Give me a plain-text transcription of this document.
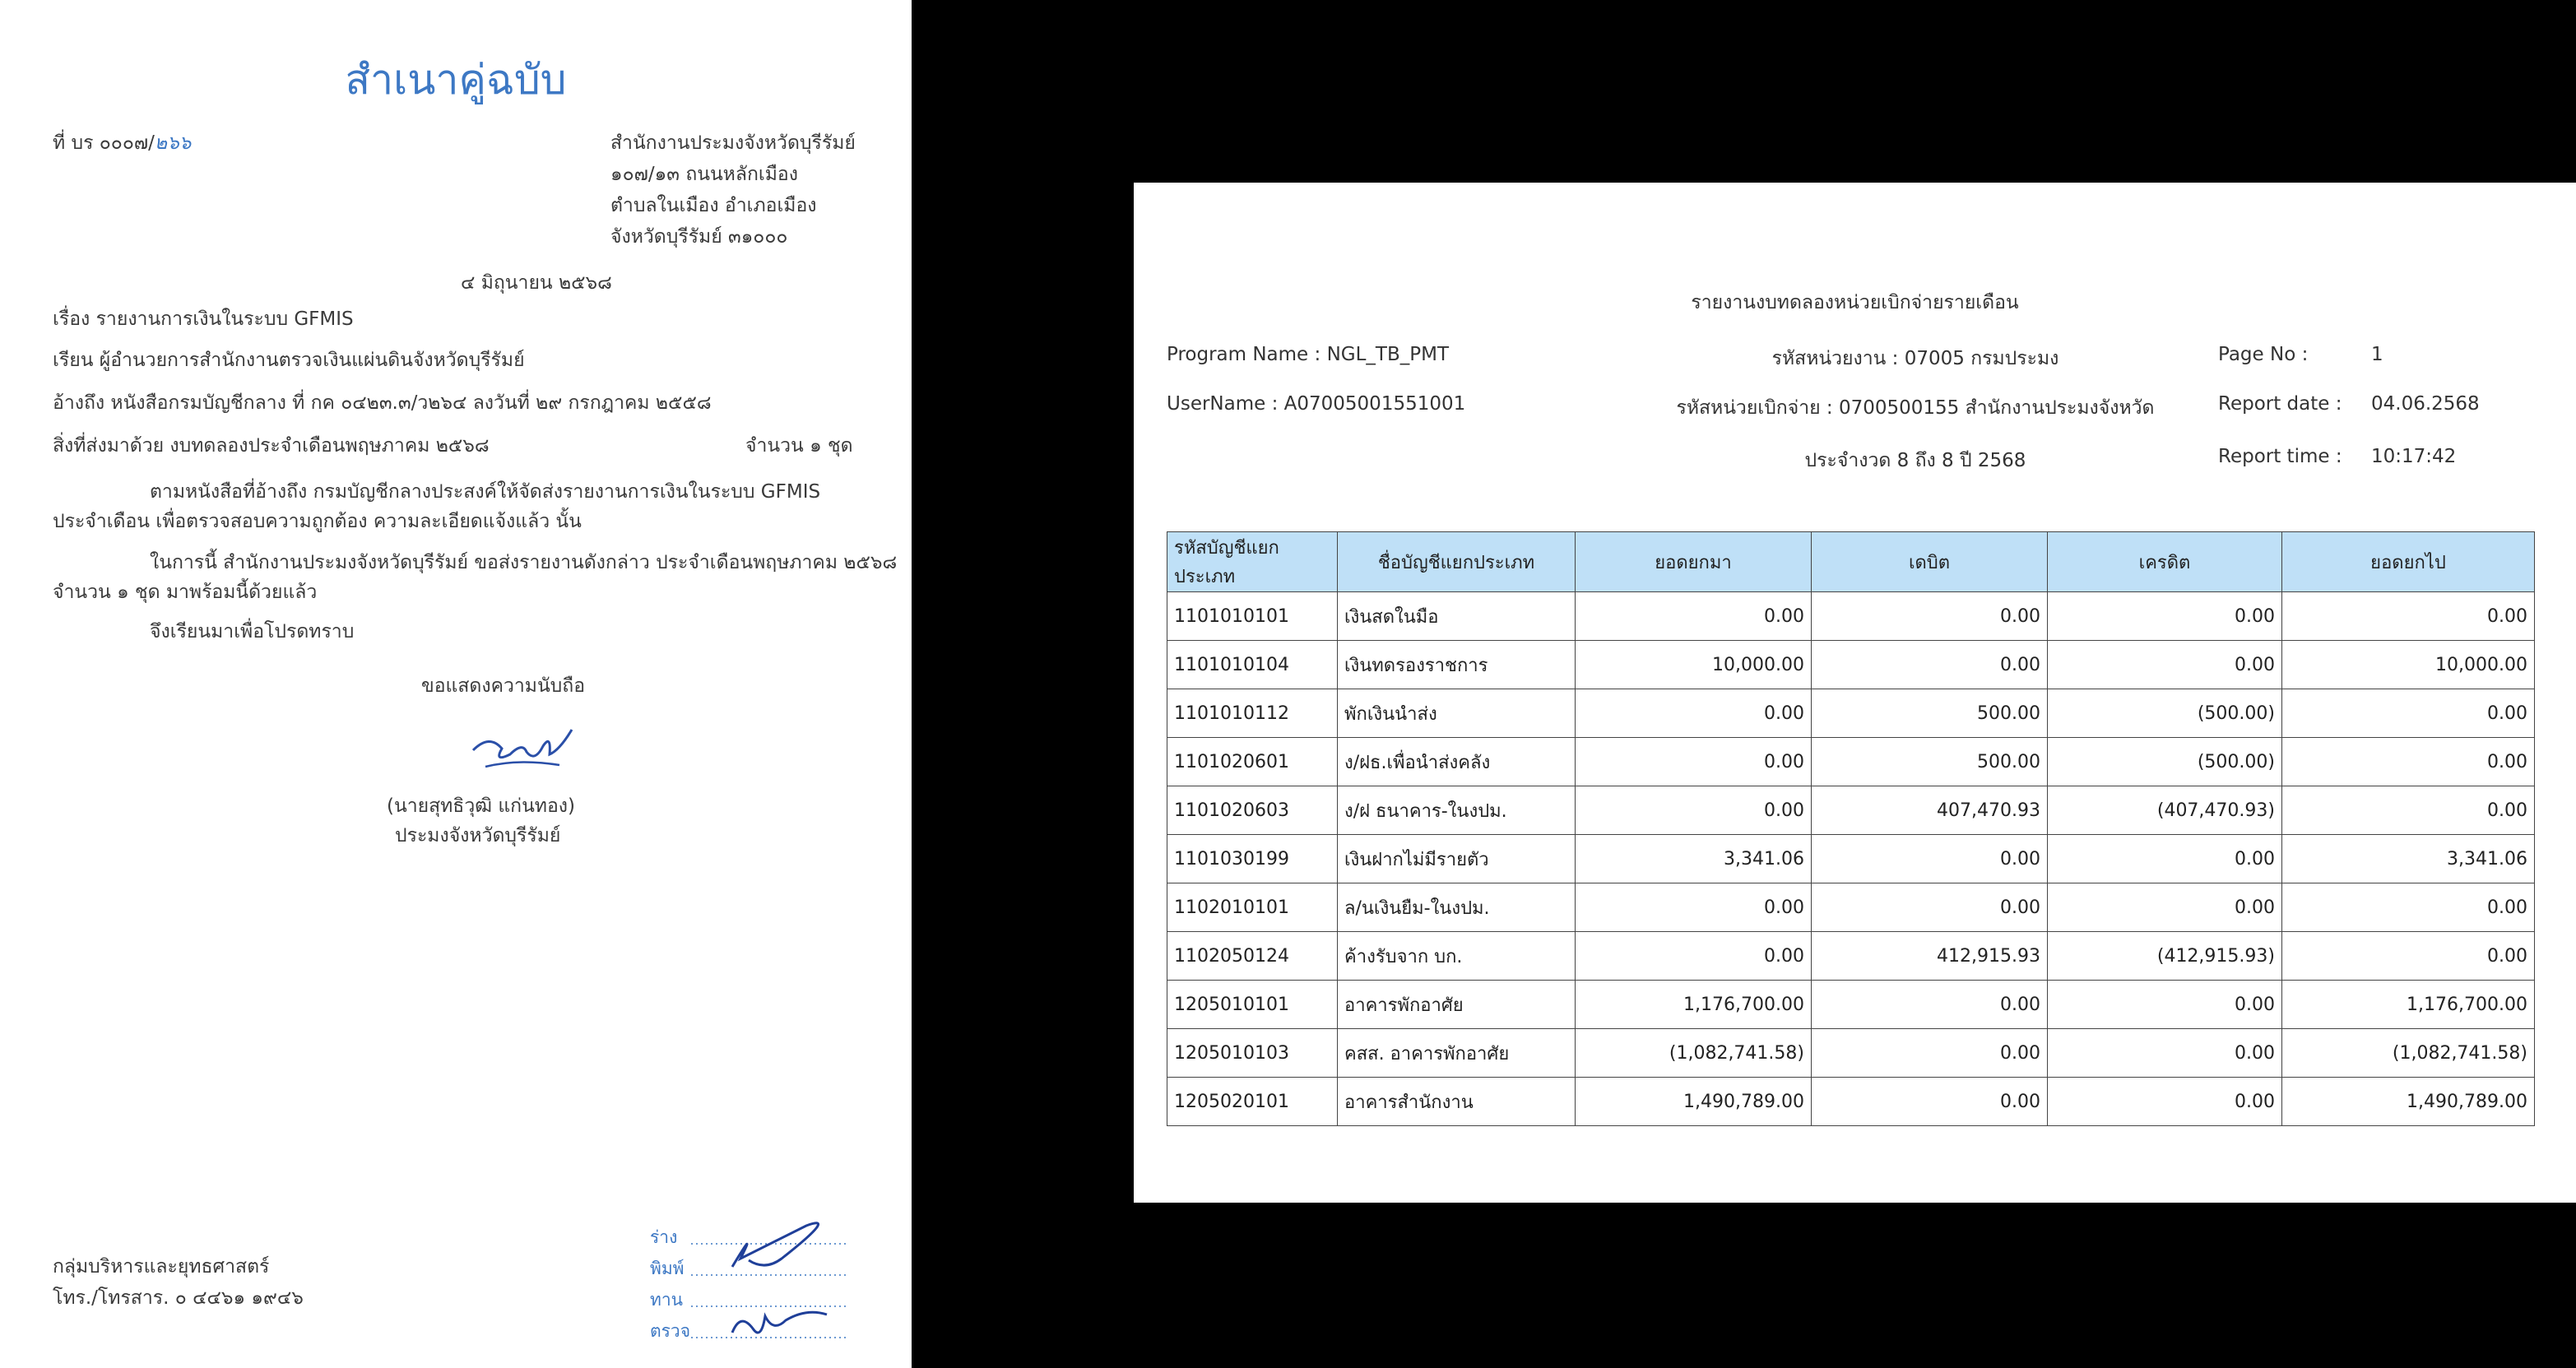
สำเนาคู่ฉบับ
ที่ บร ๐๐๐๗/๒๖๖	สำนักงานประมงจังหวัดบุรีรัมย์
๑๐๗/๑๓ ถนนหลักเมือง
ตำบลในเมือง อำเภอเมือง
จังหวัดบุรีรัมย์ ๓๑๐๐๐
๔ มิถุนายน ๒๕๖๘
เรื่อง รายงานการเงินในระบบ GFMIS
เรียน ผู้อำนวยการสำนักงานตรวจเงินแผ่นดินจังหวัดบุรีรัมย์
อ้างถึง หนังสือกรมบัญชีกลาง ที่ กค ๐๔๒๓.๓/ว๒๖๔ ลงวันที่ ๒๙ กรกฎาคม ๒๕๕๘
สิ่งที่ส่งมาด้วย งบทดลองประจำเดือนพฤษภาคม ๒๕๖๘	จำนวน ๑ ชุด
ตามหนังสือที่อ้างถึง กรมบัญชีกลางประสงค์ให้จัดส่งรายงานการเงินในระบบ GFMIS
ประจำเดือน เพื่อตรวจสอบความถูกต้อง ความละเอียดแจ้งแล้ว นั้น
ในการนี้ สำนักงานประมงจังหวัดบุรีรัมย์ ขอส่งรายงานดังกล่าว ประจำเดือนพฤษภาคม ๒๕๖๘
จำนวน ๑ ชุด มาพร้อมนี้ด้วยแล้ว
จึงเรียนมาเพื่อโปรดทราบ
ขอแสดงความนับถือ
(นายสุทธิวุฒิ แก่นทอง)
ประมงจังหวัดบุรีรัมย์
กลุ่มบริหารและยุทธศาสตร์
โทร./โทรสาร. ๐ ๔๔๖๑ ๑๙๔๖
ร่าง
พิมพ์
ทาน
ตรวจ
รายงานงบทดลองหน่วยเบิกจ่ายรายเดือน
Program Name : NGL_TB_PMT
UserName : A07005001551001
รหัสหน่วยงาน : 07005 กรมประมง
รหัสหน่วยเบิกจ่าย : 0700500155 สำนักงานประมงจังหวัด
ประจำงวด 8 ถึง 8 ปี 2568
Page No :	1
Report date : 04.06.2568
Report time : 10:17:42
รหัสบัญชีแยกประเภท	ชื่อบัญชีแยกประเภท	ยอดยกมา	เดบิต	เครดิต	ยอดยกไป
1101010101	เงินสดในมือ	0.00	0.00	0.00	0.00
1101010104	เงินทดรองราชการ	10,000.00	0.00	0.00	10,000.00
1101010112	พักเงินนำส่ง	0.00	500.00	(500.00)	0.00
1101020601	ง/ฝธ.เพื่อนำส่งคลัง	0.00	500.00	(500.00)	0.00
1101020603	ง/ฝ ธนาคาร-ในงปม.	0.00	407,470.93	(407,470.93)	0.00
1101030199	เงินฝากไม่มีรายตัว	3,341.06	0.00	0.00	3,341.06
1102010101	ล/นเงินยืม-ในงปม.	0.00	0.00	0.00	0.00
1102050124	ค้างรับจาก บก.	0.00	412,915.93	(412,915.93)	0.00
1205010101	อาคารพักอาศัย	1,176,700.00	0.00	0.00	1,176,700.00
1205010103	คสส. อาคารพักอาศัย	(1,082,741.58)	0.00	0.00	(1,082,741.58)
1205020101	อาคารสำนักงาน	1,490,789.00	0.00	0.00	1,490,789.00
